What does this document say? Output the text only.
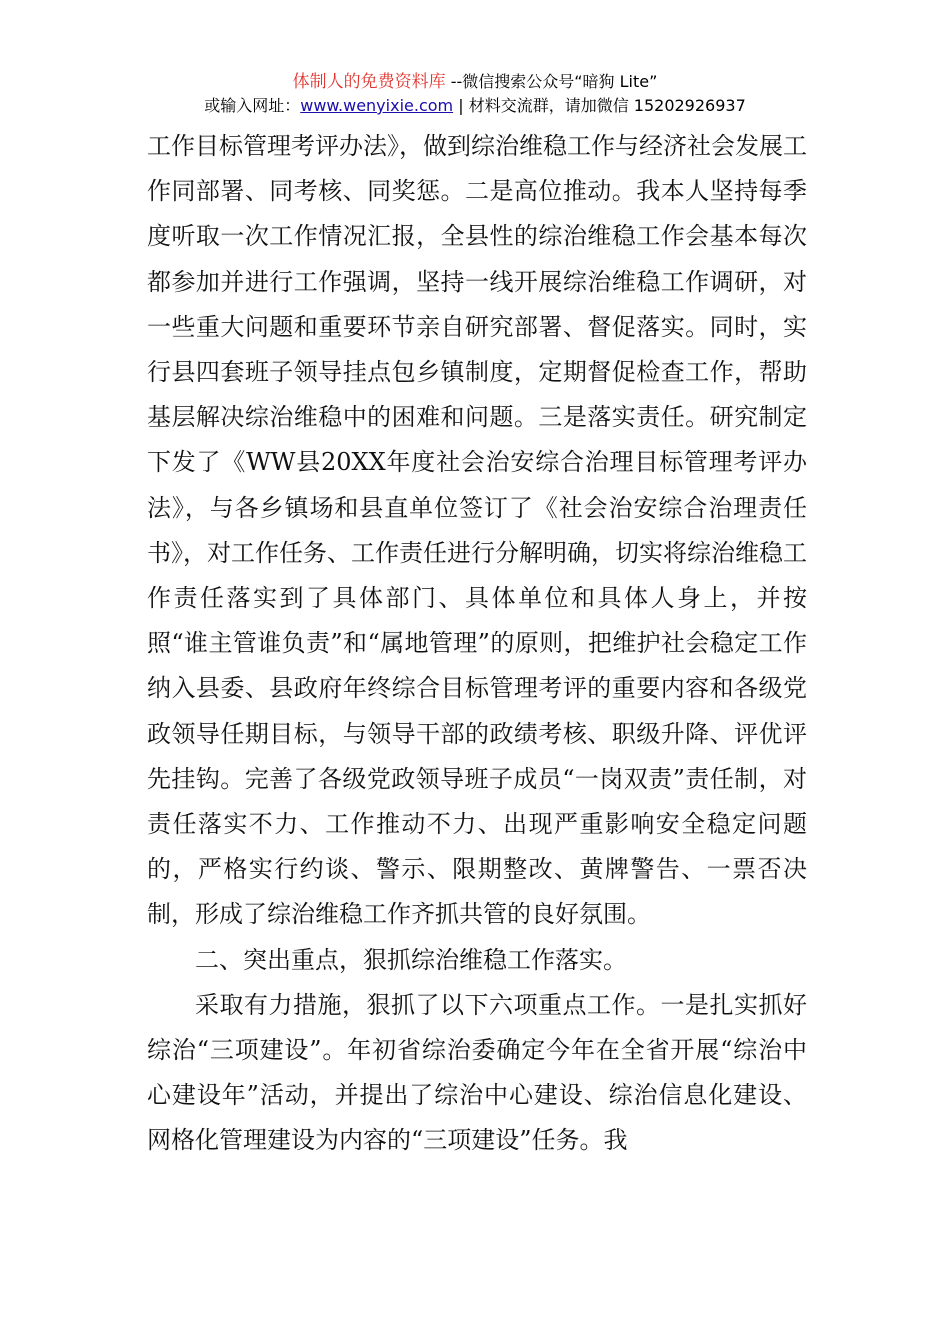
体制人的免费资料库 --微信搜索公众号“暗狗 Lite”
或输入网址：www.wenyixie.com | 材料交流群，请加微信 15202926937

工作目标管理考评办法》，做到综治维稳工作与经济社会发展工作同部署、同考核、同奖惩。二是高位推动。我本人坚持每季度听取一次工作情况汇报，全县性的综治维稳工作会基本每次都参加并进行工作强调，坚持一线开展综治维稳工作调研，对一些重大问题和重要环节亲自研究部署、督促落实。同时，实行县四套班子领导挂点包乡镇制度，定期督促检查工作，帮助基层解决综治维稳中的困难和问题。三是落实责任。研究制定下发了《WW县20XX年度社会治安综合治理目标管理考评办法》，与各乡镇场和县直单位签订了《社会治安综合治理责任书》，对工作任务、工作责任进行分解明确，切实将综治维稳工作责任落实到了具体部门、具体单位和具体人身上，并按照“谁主管谁负责”和“属地管理”的原则，把维护社会稳定工作纳入县委、县政府年终综合目标管理考评的重要内容和各级党政领导任期目标，与领导干部的政绩考核、职级升降、评优评先挂钩。完善了各级党政领导班子成员“一岗双责”责任制，对责任落实不力、工作推动不力、出现严重影响安全稳定问题的，严格实行约谈、警示、限期整改、黄牌警告、一票否决制，形成了综治维稳工作齐抓共管的良好氛围。

二、突出重点，狠抓综治维稳工作落实。

采取有力措施，狠抓了以下六项重点工作。一是扎实抓好综治“三项建设”。年初省综治委确定今年在全省开展“综治中心建设年”活动，并提出了综治中心建设、综治信息化建设、网格化管理建设为内容的“三项建设”任务。我
